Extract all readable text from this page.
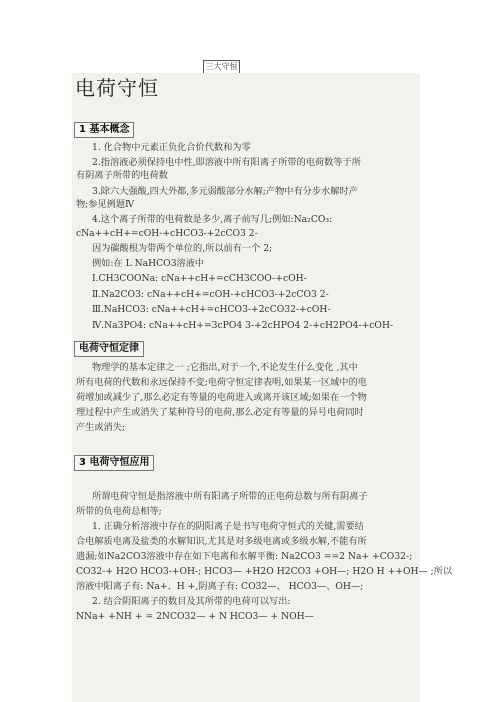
三大守恒
电荷守恒
1 基本概念
1. 化合物中元素正负化合价代数和为零
2.指溶液必须保持电中性,即溶液中所有阳离子所带的电荷数等于所
有阴离子所带的电荷数
3.除六大强酸,四大外都,多元弱酸部分水解;产物中有分步水解时产
物;参见例题Ⅳ
4.这个离子所带的电荷数是多少,离子前写几;例如:Na₂CO₃:
cNa++cH+=cOH-+cHCO3-+2cCO3 2-
因为碳酸根为带两个单位的,所以前有一个 2;
例如:在 L NaHCO3溶液中
Ⅰ.CH3COONa: cNa++cH+=cCH3COO-+cOH-
Ⅱ.Na2CO3: cNa++cH+=cOH-+cHCO3-+2cCO3 2-
Ⅲ.NaHCO3: cNa++cH+=cHCO3-+2cCO32-+cOH-
Ⅳ.Na3PO4: cNa++cH+=3cPO4 3-+2cHPO4 2-+cH2PO4-+cOH-
电荷守恒定律
物理学的基本定律之一 ;它指出,对于一个,不论发生什么变化 ,其中
所有电荷的代数和永远保持不变;电荷守恒定律表明,如果某一区域中的电
荷增加或减少了,那么必定有等量的电荷进入或离开该区域;如果在一个物
理过程中产生或消失了某种符号的电荷,那么必定有等量的异号电荷同时
产生或消失;
3 电荷守恒应用
所谓电荷守恒是指溶液中所有阳离子所带的正电荷总数与所有阴离子
所带的负电荷总相等;
1. 正确分析溶液中存在的阴阳离子是书写电荷守恒式的关键,需要结
合电解质电离及盐类的水解知识,尤其是对多级电离或多级水解,不能有所
遗漏;如Na2CO3溶液中存在如下电离和水解平衡: Na2CO3 ==2 Na+ +CO32-;
CO32-+ H2O HCO3-+OH-; HCO3— +H2O H2CO3 +OH—; H2O H ++OH— ;所以
溶液中阳离子有: Na+、H +,阴离子有: CO32—、 HCO3—、OH—;
2. 结合阴阳离子的数目及其所带的电荷可以写出:
NNa+ +NH + = 2NCO32— + N HCO3— + NOH—
